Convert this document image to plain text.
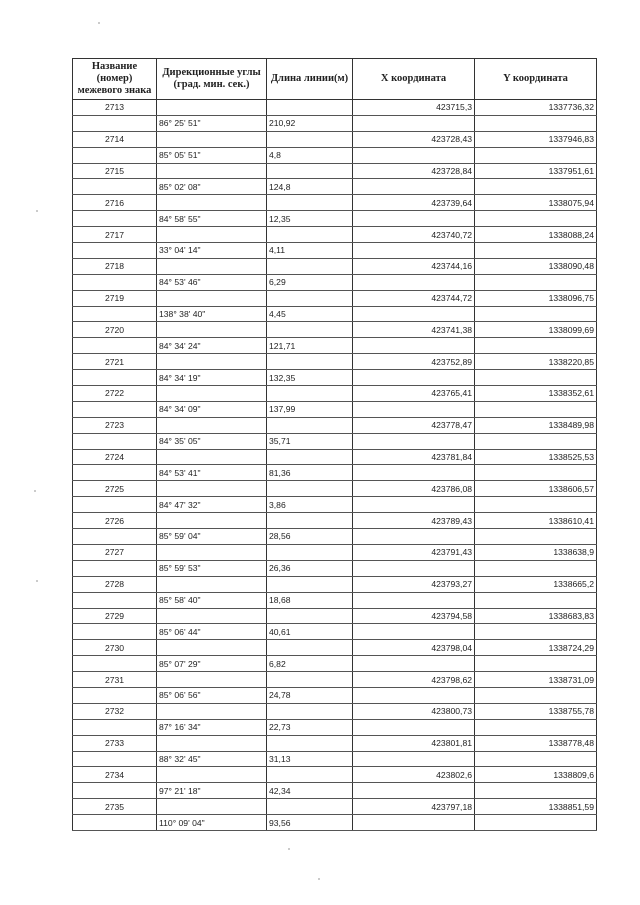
Название (номер) межевого знака	Дирекционные углы (град. мин. сек.)	Длина линии(м)	X координата	Y координата
2713			423715,3	1337736,32
	86° 25' 51"	210,92		
2714			423728,43	1337946,83
	85° 05' 51"	4,8		
2715			423728,84	1337951,61
	85° 02' 08"	124,8		
2716			423739,64	1338075,94
	84° 58' 55"	12,35		
2717			423740,72	1338088,24
	33° 04' 14"	4,11		
2718			423744,16	1338090,48
	84° 53' 46"	6,29		
2719			423744,72	1338096,75
	138° 38' 40"	4,45		
2720			423741,38	1338099,69
	84° 34' 24"	121,71		
2721			423752,89	1338220,85
	84° 34' 19"	132,35		
2722			423765,41	1338352,61
	84° 34' 09"	137,99		
2723			423778,47	1338489,98
	84° 35' 05"	35,71		
2724			423781,84	1338525,53
	84° 53' 41"	81,36		
2725			423786,08	1338606,57
	84° 47' 32"	3,86		
2726			423789,43	1338610,41
	85° 59' 04"	28,56		
2727			423791,43	1338638,9
	85° 59' 53"	26,36		
2728			423793,27	1338665,2
	85° 58' 40"	18,68		
2729			423794,58	1338683,83
	85° 06' 44"	40,61		
2730			423798,04	1338724,29
	85° 07' 29"	6,82		
2731			423798,62	1338731,09
	85° 06' 56"	24,78		
2732			423800,73	1338755,78
	87° 16' 34"	22,73		
2733			423801,81	1338778,48
	88° 32' 45"	31,13		
2734			423802,6	1338809,6
	97° 21' 18"	42,34		
2735			423797,18	1338851,59
	110° 09' 04"	93,56		
